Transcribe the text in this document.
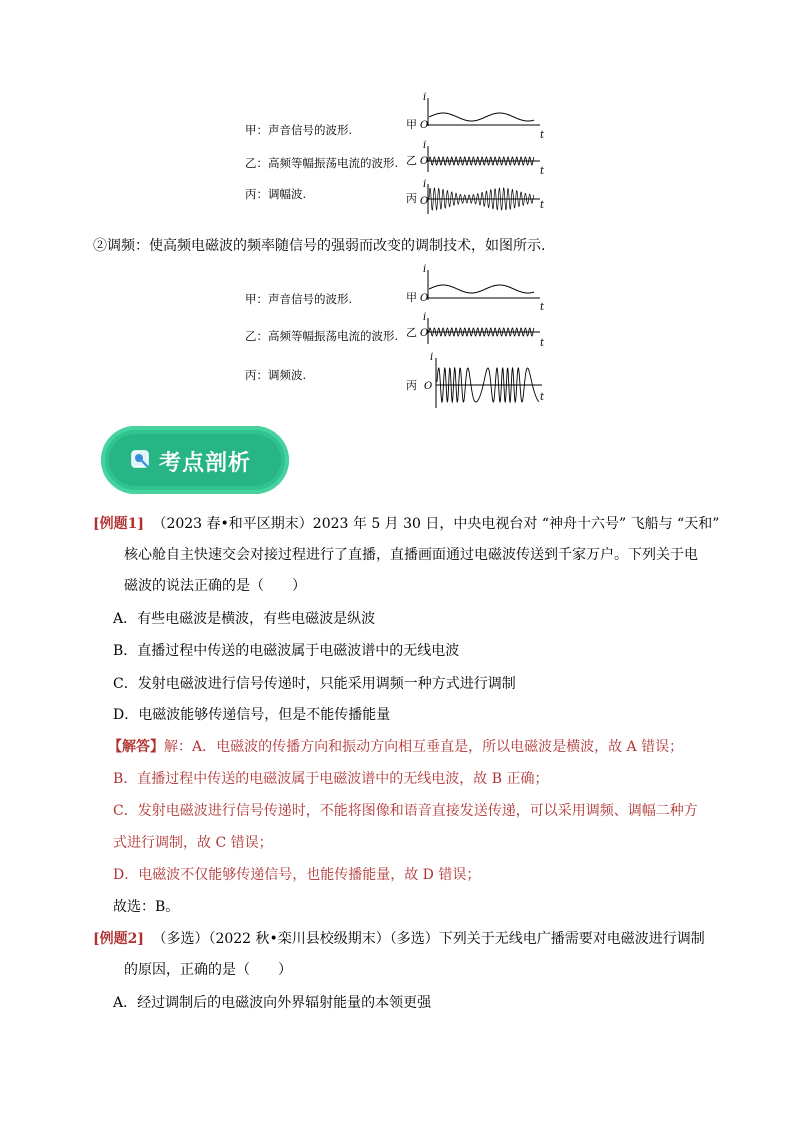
甲：声音信号的波形.
乙：高频等幅振荡电流的波形.
丙：调幅波.
甲 O
i
t
乙 O
i
t
丙 O
i
t
②调频：使高频电磁波的频率随信号的强弱而改变的调制技术，如图所示.
甲：声音信号的波形.
乙：高频等幅振荡电流的波形.
丙：调频波.
甲 O
i
t
乙 O
i
t
丙 O
i
t
考点剖析
[例题1] （2023 春•和平区期末）2023 年 5 月 30 日，中央电视台对 “神舟十六号” 飞船与 “天和”
核心舱自主快速交会对接过程进行了直播，直播画面通过电磁波传送到千家万户。下列关于电
磁波的说法正确的是（　　）
A．有些电磁波是横波，有些电磁波是纵波
B．直播过程中传送的电磁波属于电磁波谱中的无线电波
C．发射电磁波进行信号传递时，只能采用调频一种方式进行调制
D．电磁波能够传递信号，但是不能传播能量
【解答】解：A．电磁波的传播方向和振动方向相互垂直是，所以电磁波是横波，故 A 错误；
B．直播过程中传送的电磁波属于电磁波谱中的无线电波，故 B 正确；
C．发射电磁波进行信号传递时，不能将图像和语音直接发送传递，可以采用调频、调幅二种方
式进行调制，故 C 错误；
D．电磁波不仅能够传递信号，也能传播能量，故 D 错误；
故选：B。
[例题2] （多选）（2022 秋•栾川县校级期末）（多选）下列关于无线电广播需要对电磁波进行调制
的原因，正确的是（　　）
A．经过调制后的电磁波向外界辐射能量的本领更强
